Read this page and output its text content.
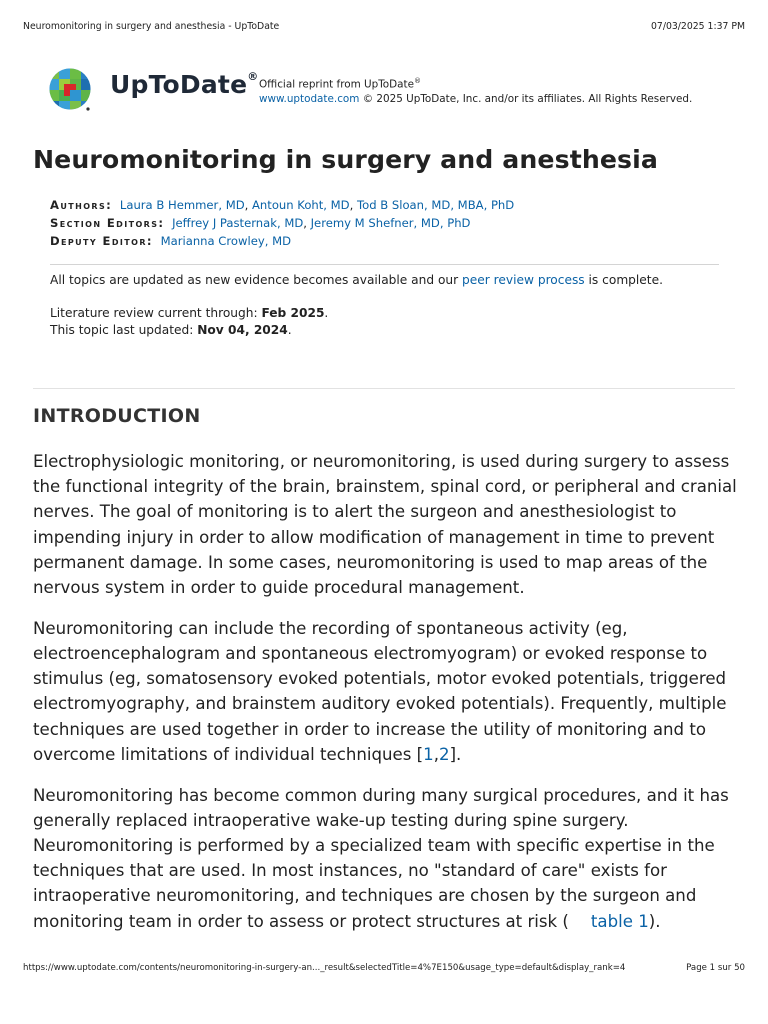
Neuromonitoring in surgery and anesthesia - UpToDate	07/03/2025 1:37 PM
UpToDate®
Official reprint from UpToDate®
www.uptodate.com © 2025 UpToDate, Inc. and/or its affiliates. All Rights Reserved.
Neuromonitoring in surgery and anesthesia
Authors: Laura B Hemmer, MD, Antoun Koht, MD, Tod B Sloan, MD, MBA, PhD
Section Editors: Jeffrey J Pasternak, MD, Jeremy M Shefner, MD, PhD
Deputy Editor: Marianna Crowley, MD

All topics are updated as new evidence becomes available and our peer review process is complete.

Literature review current through: Feb 2025.

This topic last updated: Nov 04, 2024.

INTRODUCTION

Electrophysiologic monitoring, or neuromonitoring, is used during surgery to assess the functional integrity of the brain, brainstem, spinal cord, or peripheral and cranial nerves. The goal of monitoring is to alert the surgeon and anesthesiologist to impending injury in order to allow modification of management in time to prevent permanent damage. In some cases, neuromonitoring is used to map areas of the nervous system in order to guide procedural management.

Neuromonitoring can include the recording of spontaneous activity (eg, electroencephalogram and spontaneous electromyogram) or evoked response to stimulus (eg, somatosensory evoked potentials, motor evoked potentials, triggered electromyography, and brainstem auditory evoked potentials). Frequently, multiple techniques are used together in order to increase the utility of monitoring and to overcome limitations of individual techniques [1,2].

Neuromonitoring has become common during many surgical procedures, and it has generally replaced intraoperative wake-up testing during spine surgery. Neuromonitoring is performed by a specialized team with specific expertise in the techniques that are used. In most instances, no "standard of care" exists for intraoperative neuromonitoring, and techniques are chosen by the surgeon and monitoring team in order to assess or protect structures at risk ( table 1).

https://www.uptodate.com/contents/neuromonitoring-in-surgery-an..._result&selectedTitle=4%7E150&usage_type=default&display_rank=4	Page 1 sur 50
